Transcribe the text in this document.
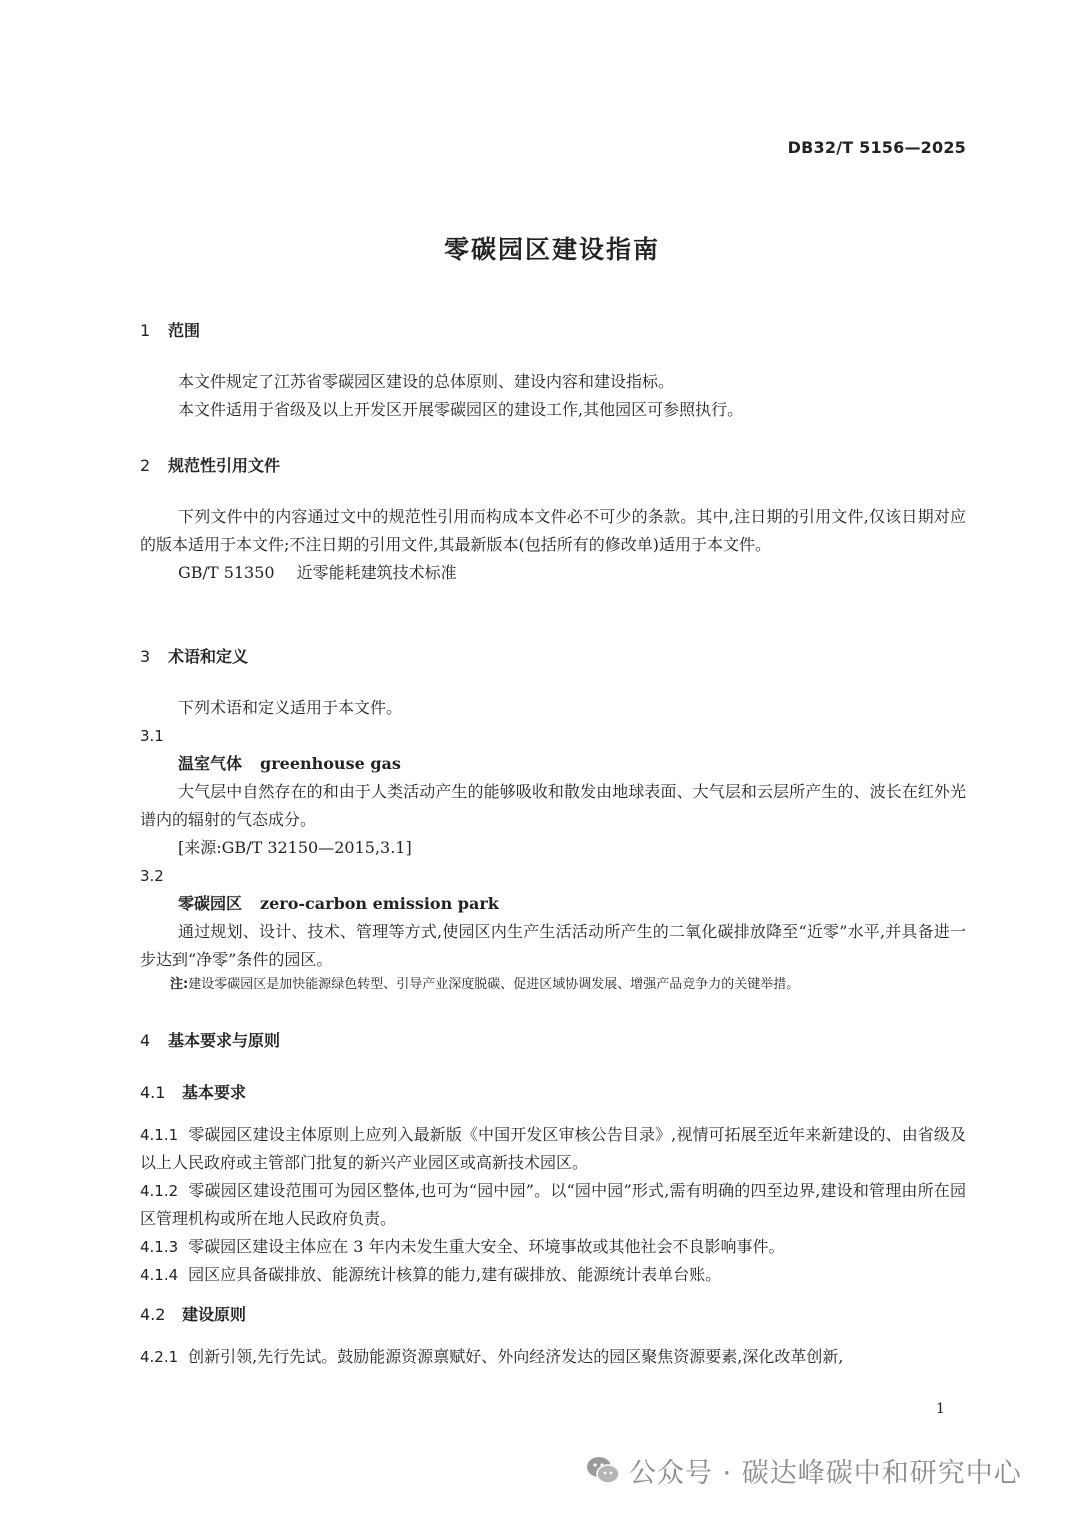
DB32/T 5156—2025
零碳园区建设指南

1 范围

本文件规定了江苏省零碳园区建设的总体原则、建设内容和建设指标。

本文件适用于省级及以上开发区开展零碳园区的建设工作,其他园区可参照执行。

2 规范性引用文件

下列文件中的内容通过文中的规范性引用而构成本文件必不可少的条款。其中,注日期的引用文件,仅该日期对应的版本适用于本文件;不注日期的引用文件,其最新版本(包括所有的修改单)适用于本文件。

GB/T 51350 近零能耗建筑技术标准

3 术语和定义

下列术语和定义适用于本文件。

3.1

温室气体 greenhouse gas

大气层中自然存在的和由于人类活动产生的能够吸收和散发由地球表面、大气层和云层所产生的、波长在红外光谱内的辐射的气态成分。

[来源:GB/T 32150—2015,3.1]

3.2

零碳园区 zero-carbon emission park

通过规划、设计、技术、管理等方式,使园区内生产生活活动所产生的二氧化碳排放降至“近零”水平,并具备进一步达到“净零”条件的园区。

注:建设零碳园区是加快能源绿色转型、引导产业深度脱碳、促进区域协调发展、增强产品竞争力的关键举措。

4 基本要求与原则

4.1 基本要求

4.1.1 零碳园区建设主体原则上应列入最新版《中国开发区审核公告目录》,视情可拓展至近年来新建设的、由省级及以上人民政府或主管部门批复的新兴产业园区或高新技术园区。

4.1.2 零碳园区建设范围可为园区整体,也可为“园中园”。以“园中园”形式,需有明确的四至边界,建设和管理由所在园区管理机构或所在地人民政府负责。

4.1.3 零碳园区建设主体应在 3 年内未发生重大安全、环境事故或其他社会不良影响事件。

4.1.4 园区应具备碳排放、能源统计核算的能力,建有碳排放、能源统计表单台账。

4.2 建设原则

4.2.1 创新引领,先行先试。鼓励能源资源禀赋好、外向经济发达的园区聚焦资源要素,深化改革创新,

1
公众号 · 碳达峰碳中和研究中心
